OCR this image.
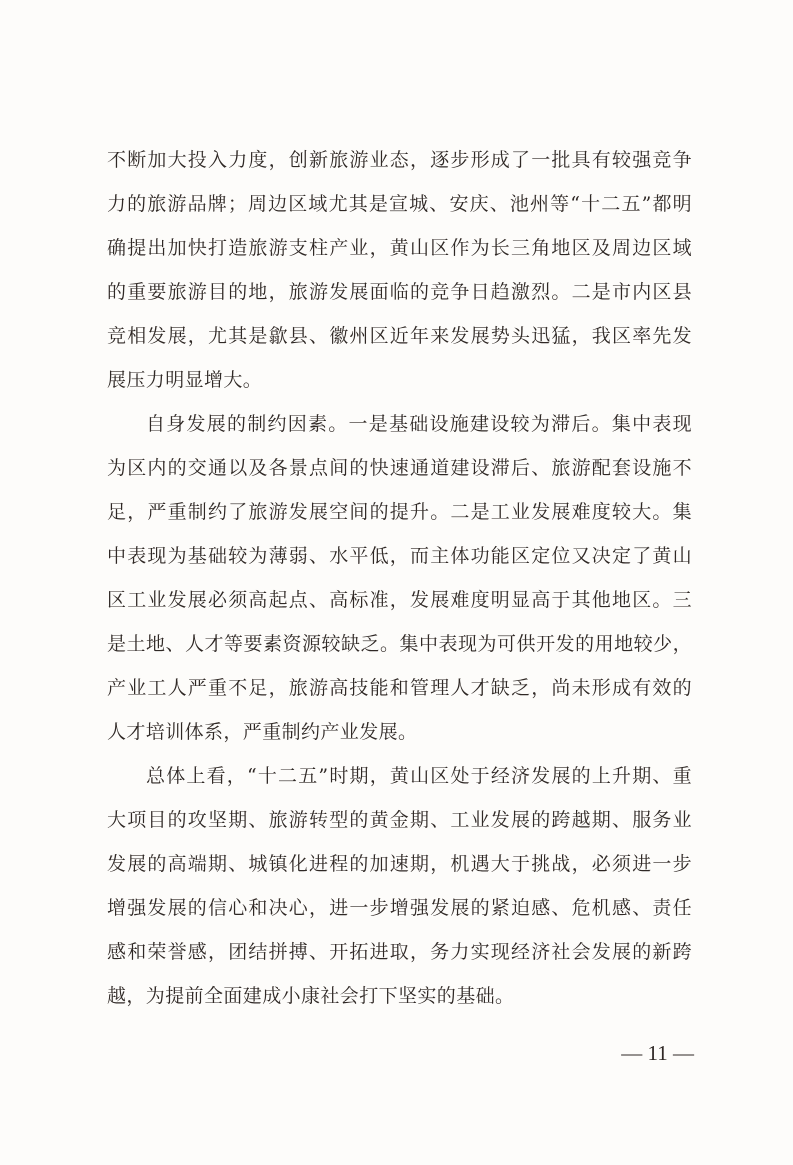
不断加大投入力度，创新旅游业态，逐步形成了一批具有较强竞争
力的旅游品牌；周边区域尤其是宣城、安庆、池州等“十二五”都明
确提出加快打造旅游支柱产业，黄山区作为长三角地区及周边区域
的重要旅游目的地，旅游发展面临的竞争日趋激烈。二是市内区县
竞相发展，尤其是歙县、徽州区近年来发展势头迅猛，我区率先发
展压力明显增大。
自身发展的制约因素。一是基础设施建设较为滞后。集中表现
为区内的交通以及各景点间的快速通道建设滞后、旅游配套设施不
足，严重制约了旅游发展空间的提升。二是工业发展难度较大。集
中表现为基础较为薄弱、水平低，而主体功能区定位又决定了黄山
区工业发展必须高起点、高标准，发展难度明显高于其他地区。三
是土地、人才等要素资源较缺乏。集中表现为可供开发的用地较少，
产业工人严重不足，旅游高技能和管理人才缺乏，尚未形成有效的
人才培训体系，严重制约产业发展。
总体上看，“十二五”时期，黄山区处于经济发展的上升期、重
大项目的攻坚期、旅游转型的黄金期、工业发展的跨越期、服务业
发展的高端期、城镇化进程的加速期，机遇大于挑战，必须进一步
增强发展的信心和决心，进一步增强发展的紧迫感、危机感、责任
感和荣誉感，团结拼搏、开拓进取，务力实现经济社会发展的新跨
越，为提前全面建成小康社会打下坚实的基础。
— 11 —
